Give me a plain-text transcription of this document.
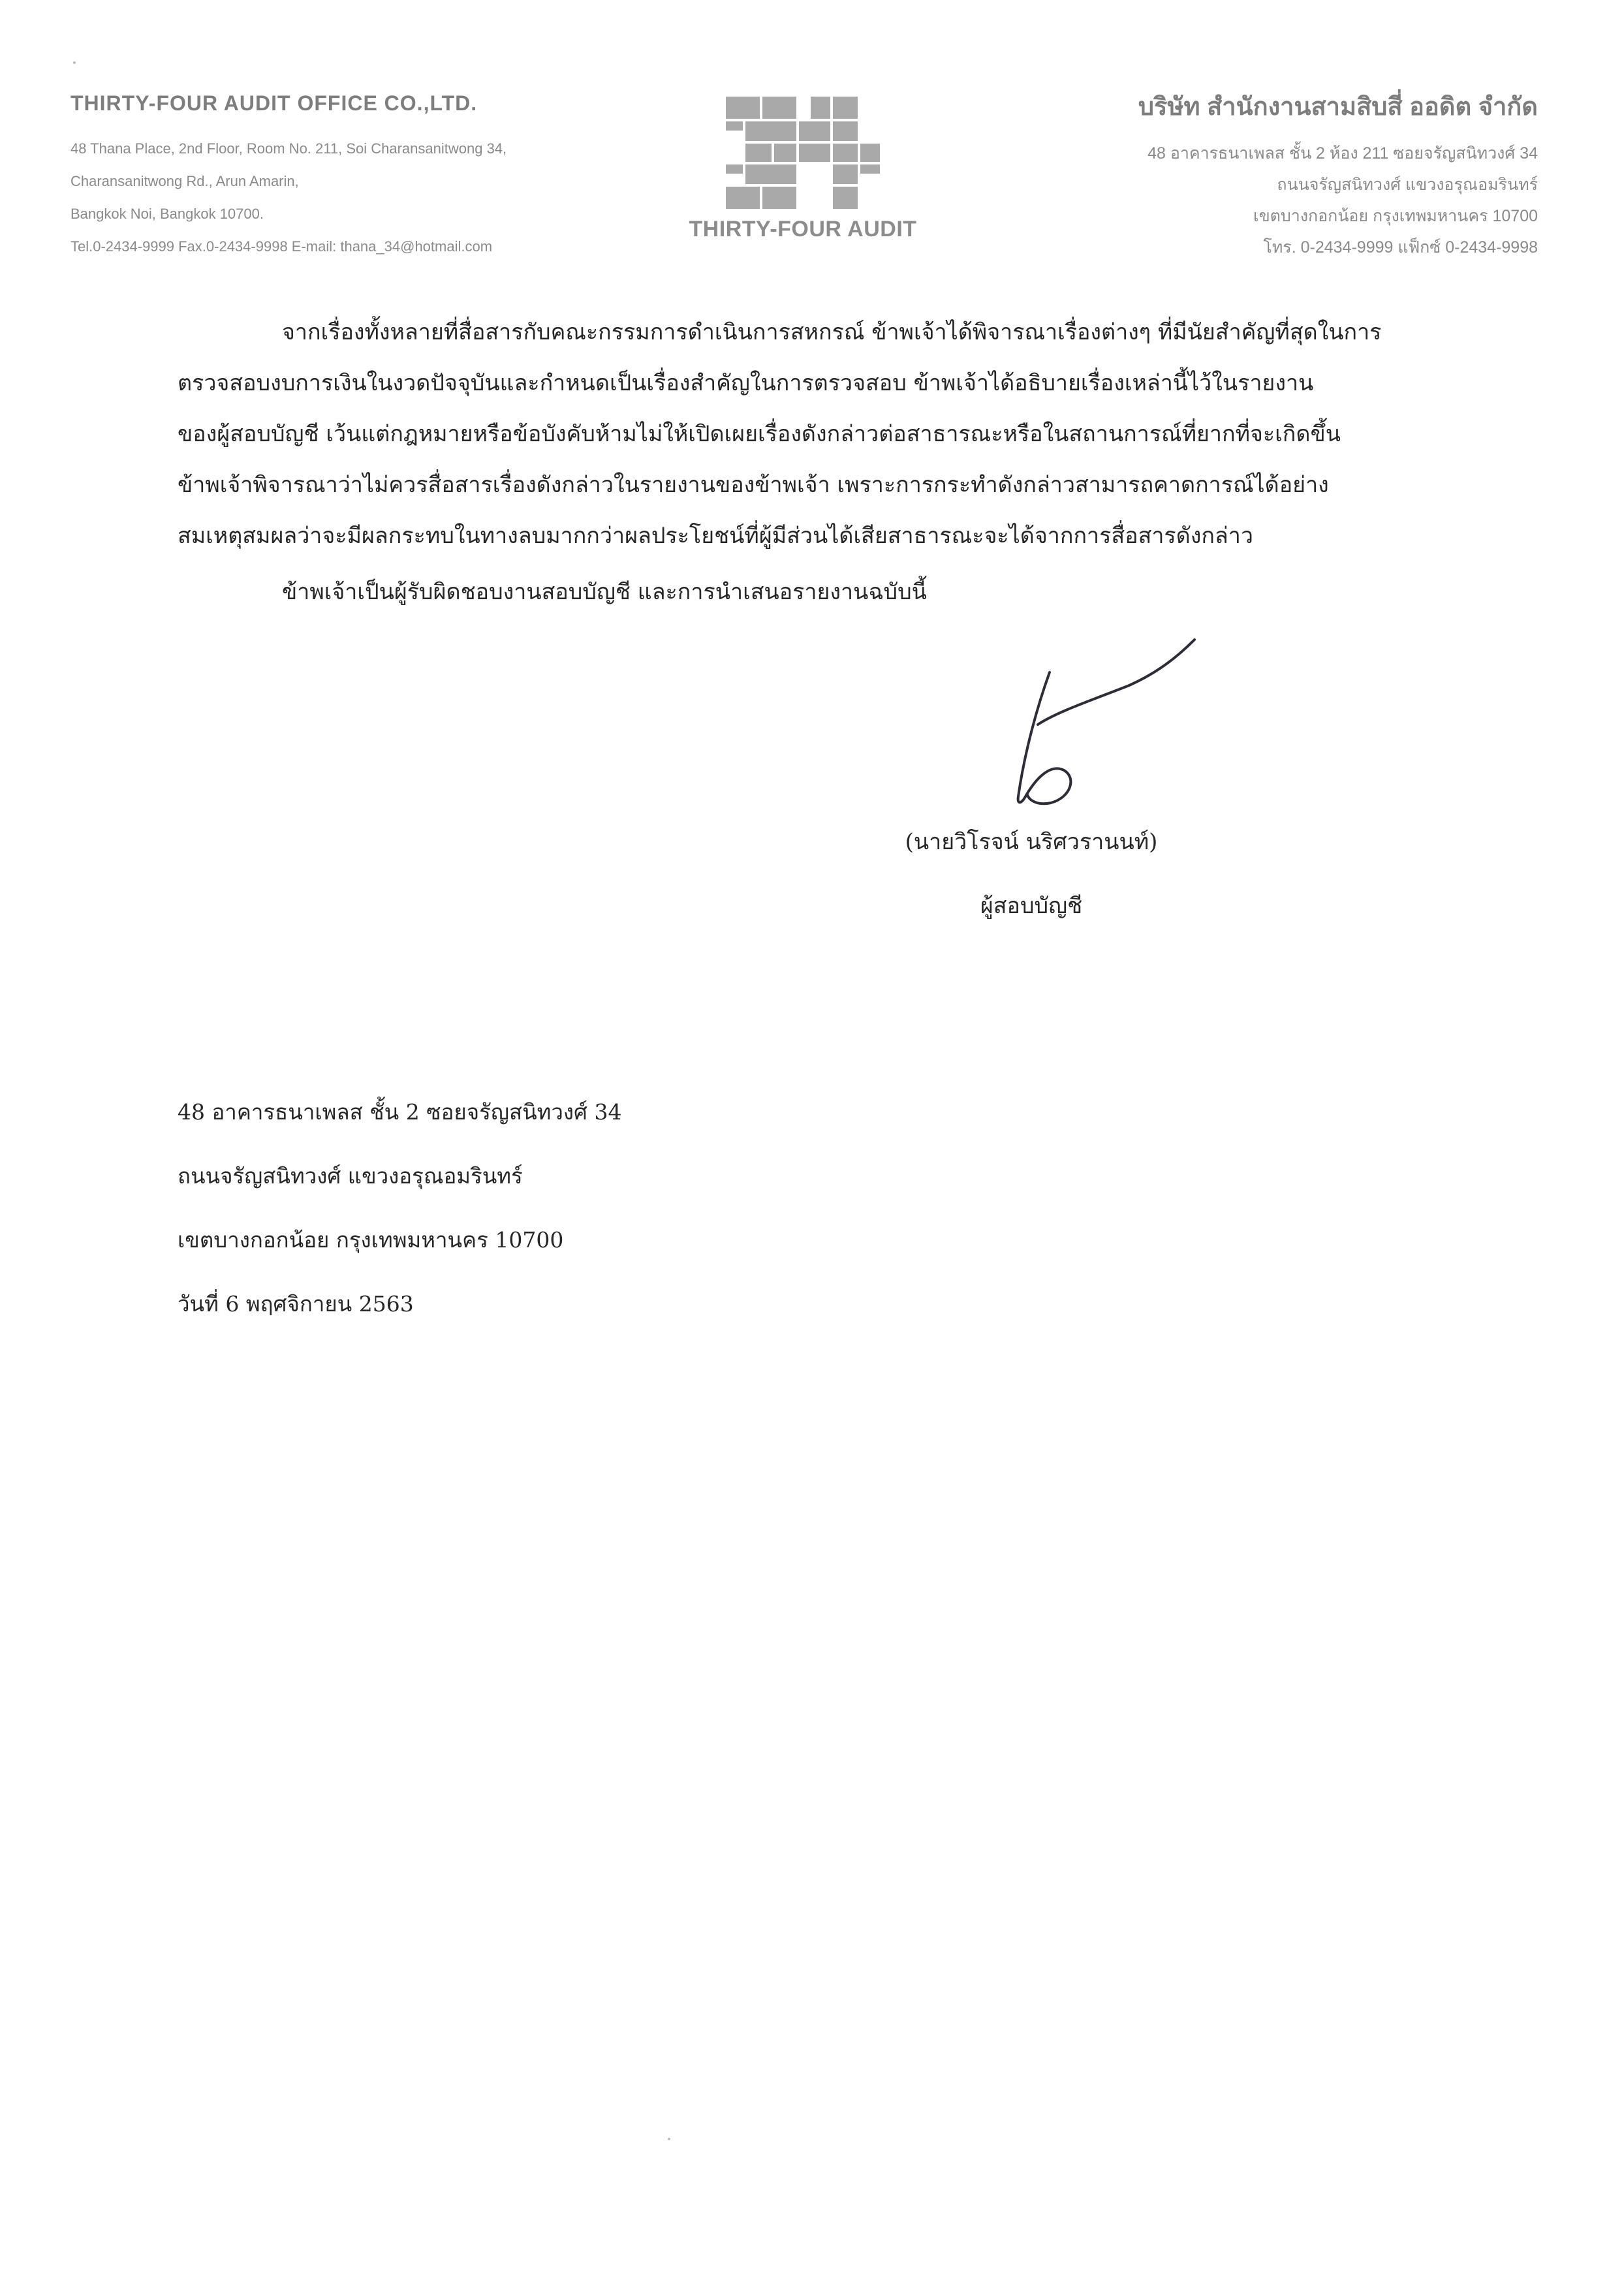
THIRTY-FOUR AUDIT OFFICE CO.,LTD.
48 Thana Place, 2nd Floor, Room No. 211, Soi Charansanitwong 34,
Charansanitwong Rd., Arun Amarin,
Bangkok Noi, Bangkok 10700.
Tel.0-2434-9999 Fax.0-2434-9998 E-mail: thana_34@hotmail.com
THIRTY-FOUR AUDIT
บริษัท สำนักงานสามสิบสี่ ออดิต จำกัด
48 อาคารธนาเพลส ชั้น 2 ห้อง 211 ซอยจรัญสนิทวงศ์ 34
ถนนจรัญสนิทวงศ์ แขวงอรุณอมรินทร์
เขตบางกอกน้อย กรุงเทพมหานคร 10700
โทร. 0-2434-9999 แฟ็กซ์ 0-2434-9998
จากเรื่องทั้งหลายที่สื่อสารกับคณะกรรมการดำเนินการสหกรณ์ ข้าพเจ้าได้พิจารณาเรื่องต่างๆ ที่มีนัยสำคัญที่สุดในการ
ตรวจสอบงบการเงินในงวดปัจจุบันและกำหนดเป็นเรื่องสำคัญในการตรวจสอบ ข้าพเจ้าได้อธิบายเรื่องเหล่านี้ไว้ในรายงาน
ของผู้สอบบัญชี เว้นแต่กฎหมายหรือข้อบังคับห้ามไม่ให้เปิดเผยเรื่องดังกล่าวต่อสาธารณะหรือในสถานการณ์ที่ยากที่จะเกิดขึ้น
ข้าพเจ้าพิจารณาว่าไม่ควรสื่อสารเรื่องดังกล่าวในรายงานของข้าพเจ้า เพราะการกระทำดังกล่าวสามารถคาดการณ์ได้อย่าง
สมเหตุสมผลว่าจะมีผลกระทบในทางลบมากกว่าผลประโยชน์ที่ผู้มีส่วนได้เสียสาธารณะจะได้จากการสื่อสารดังกล่าว
ข้าพเจ้าเป็นผู้รับผิดชอบงานสอบบัญชี และการนำเสนอรายงานฉบับนี้
(นายวิโรจน์ นริศวรานนท์)
ผู้สอบบัญชี
48 อาคารธนาเพลส ชั้น 2 ซอยจรัญสนิทวงศ์ 34
ถนนจรัญสนิทวงศ์ แขวงอรุณอมรินทร์
เขตบางกอกน้อย กรุงเทพมหานคร 10700
วันที่ 6 พฤศจิกายน 2563
